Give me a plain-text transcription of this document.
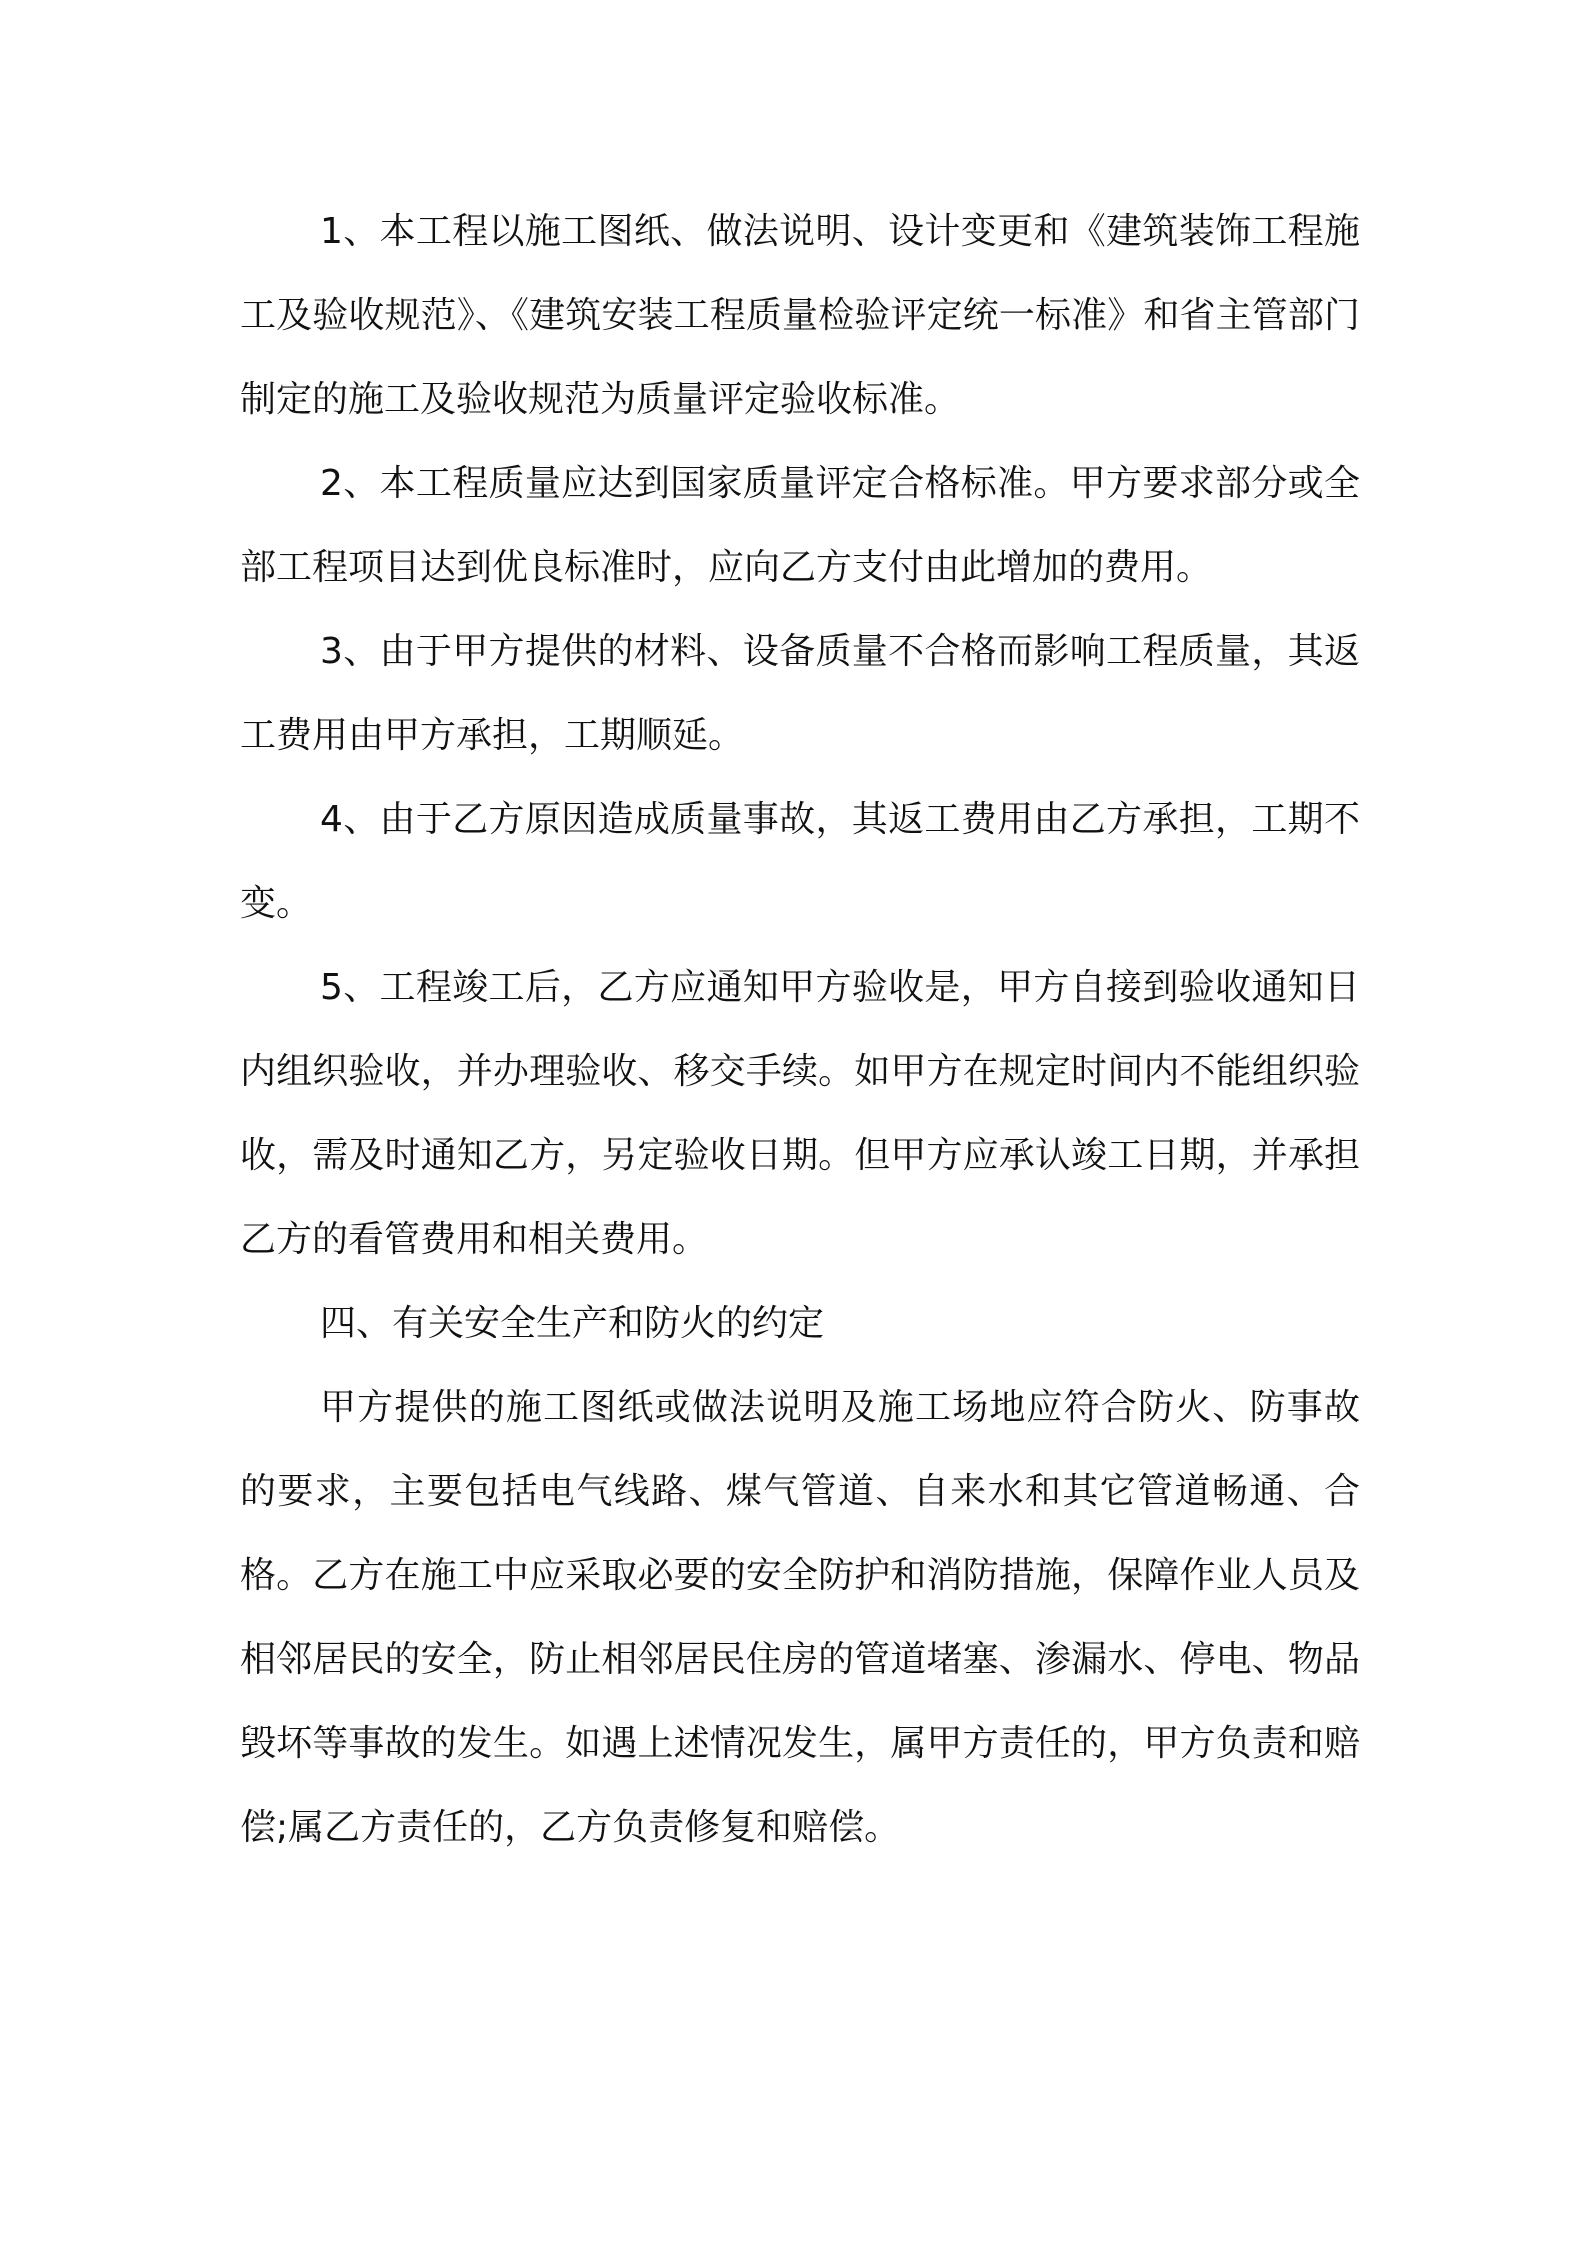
1、本工程以施工图纸、做法说明、设计变更和《建筑装饰工程施工及验收规范》、《建筑安装工程质量检验评定统一标准》和省主管部门制定的施工及验收规范为质量评定验收标准。

2、本工程质量应达到国家质量评定合格标准。甲方要求部分或全部工程项目达到优良标准时，应向乙方支付由此增加的费用。

3、由于甲方提供的材料、设备质量不合格而影响工程质量，其返工费用由甲方承担，工期顺延。

4、由于乙方原因造成质量事故，其返工费用由乙方承担，工期不变。

5、工程竣工后，乙方应通知甲方验收是，甲方自接到验收通知日内组织验收，并办理验收、移交手续。如甲方在规定时间内不能组织验收，需及时通知乙方，另定验收日期。但甲方应承认竣工日期，并承担乙方的看管费用和相关费用。

四、有关安全生产和防火的约定

甲方提供的施工图纸或做法说明及施工场地应符合防火、防事故的要求，主要包括电气线路、煤气管道、自来水和其它管道畅通、合格。乙方在施工中应采取必要的安全防护和消防措施，保障作业人员及相邻居民的安全，防止相邻居民住房的管道堵塞、渗漏水、停电、物品毁坏等事故的发生。如遇上述情况发生，属甲方责任的，甲方负责和赔偿;属乙方责任的，乙方负责修复和赔偿。
